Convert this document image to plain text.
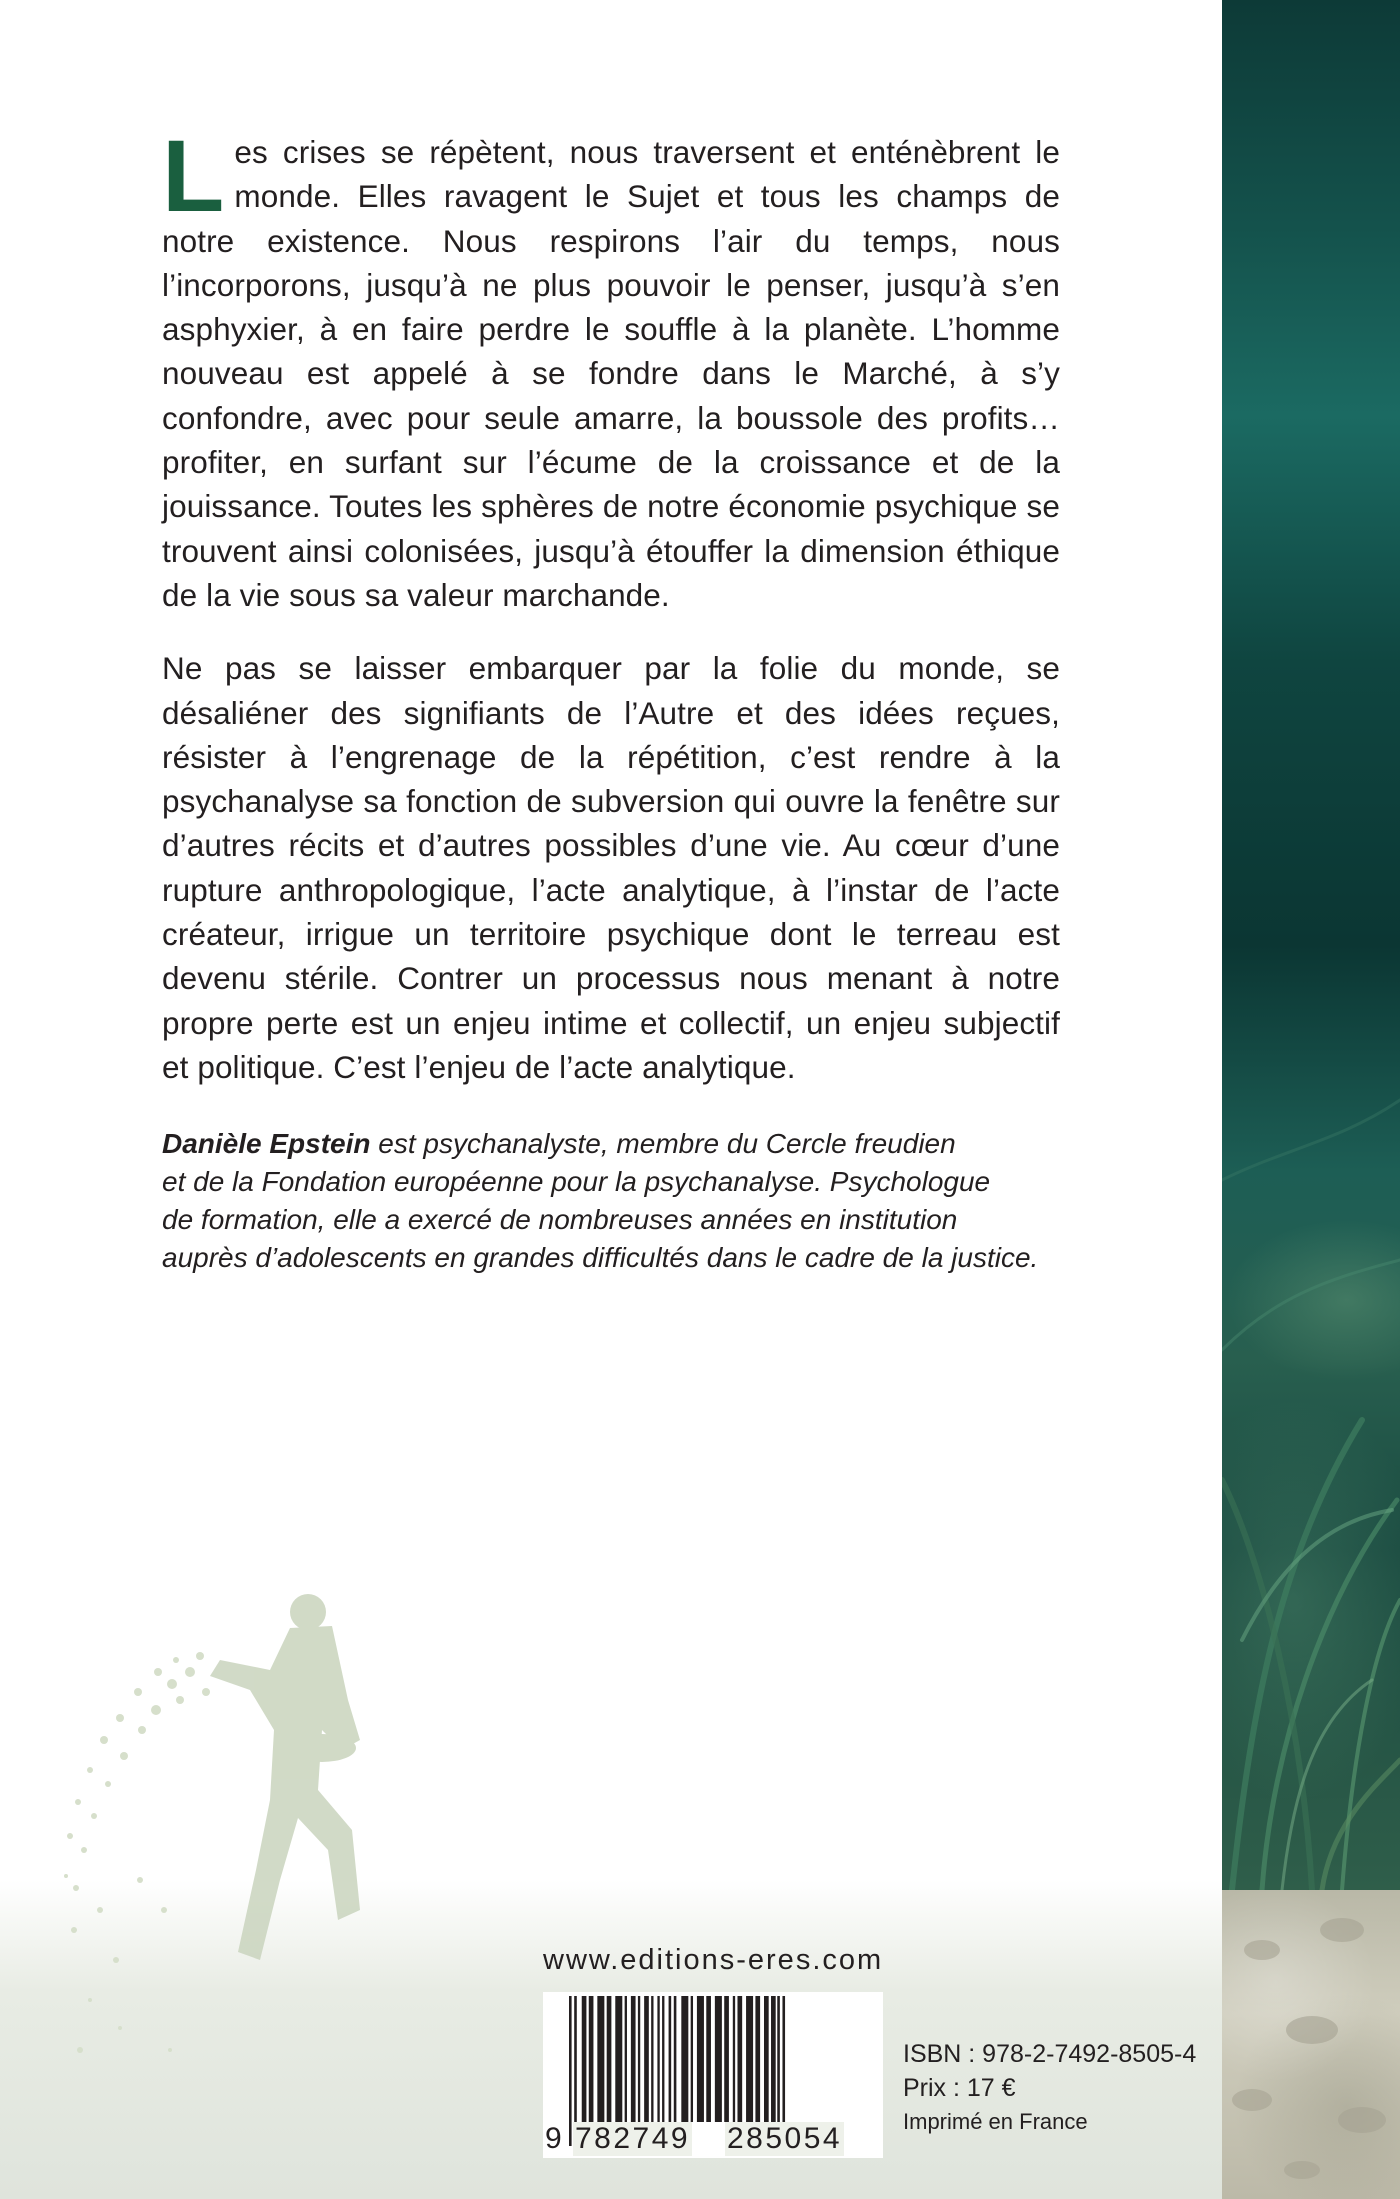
Les crises se répètent, nous traversent et enténèbrent le monde. Elles ravagent le Sujet et tous les champs de notre existence. Nous respirons l’air du temps, nous l’incorporons, jusqu’à ne plus pouvoir le penser, jusqu’à s’en asphyxier, à en faire perdre le souffle à la planète. L’homme nouveau est appelé à se fondre dans le Marché, à s’y confondre, avec pour seule amarre, la boussole des profits… profiter, en surfant sur l’écume de la croissance et de la jouissance. Toutes les sphères de notre économie psychique se trouvent ainsi colonisées, jusqu’à étouffer la dimension éthique de la vie sous sa valeur marchande.

Ne pas se laisser embarquer par la folie du monde, se désaliéner des signifiants de l’Autre et des idées reçues, résister à l’engrenage de la répétition, c’est rendre à la psychanalyse sa fonction de subversion qui ouvre la fenêtre sur d’autres récits et d’autres possibles d’une vie. Au cœur d’une rupture anthropologique, l’acte analytique, à l’instar de l’acte créateur, irrigue un territoire psychique dont le terreau est devenu stérile. Contrer un processus nous menant à notre propre perte est un enjeu intime et collectif, un enjeu subjectif et politique. C’est l’enjeu de l’acte analytique.

Danièle Epstein est psychanalyste, membre du Cercle freudien
et de la Fondation européenne pour la psychanalyse. Psychologue
de formation, elle a exercé de nombreuses années en institution
auprès d’adolescents en grandes difficultés dans le cadre de la justice.
www.editions-eres.com
9 782749 285054
ISBN : 978-2-7492-8505-4
Prix : 17 €
Imprimé en France
